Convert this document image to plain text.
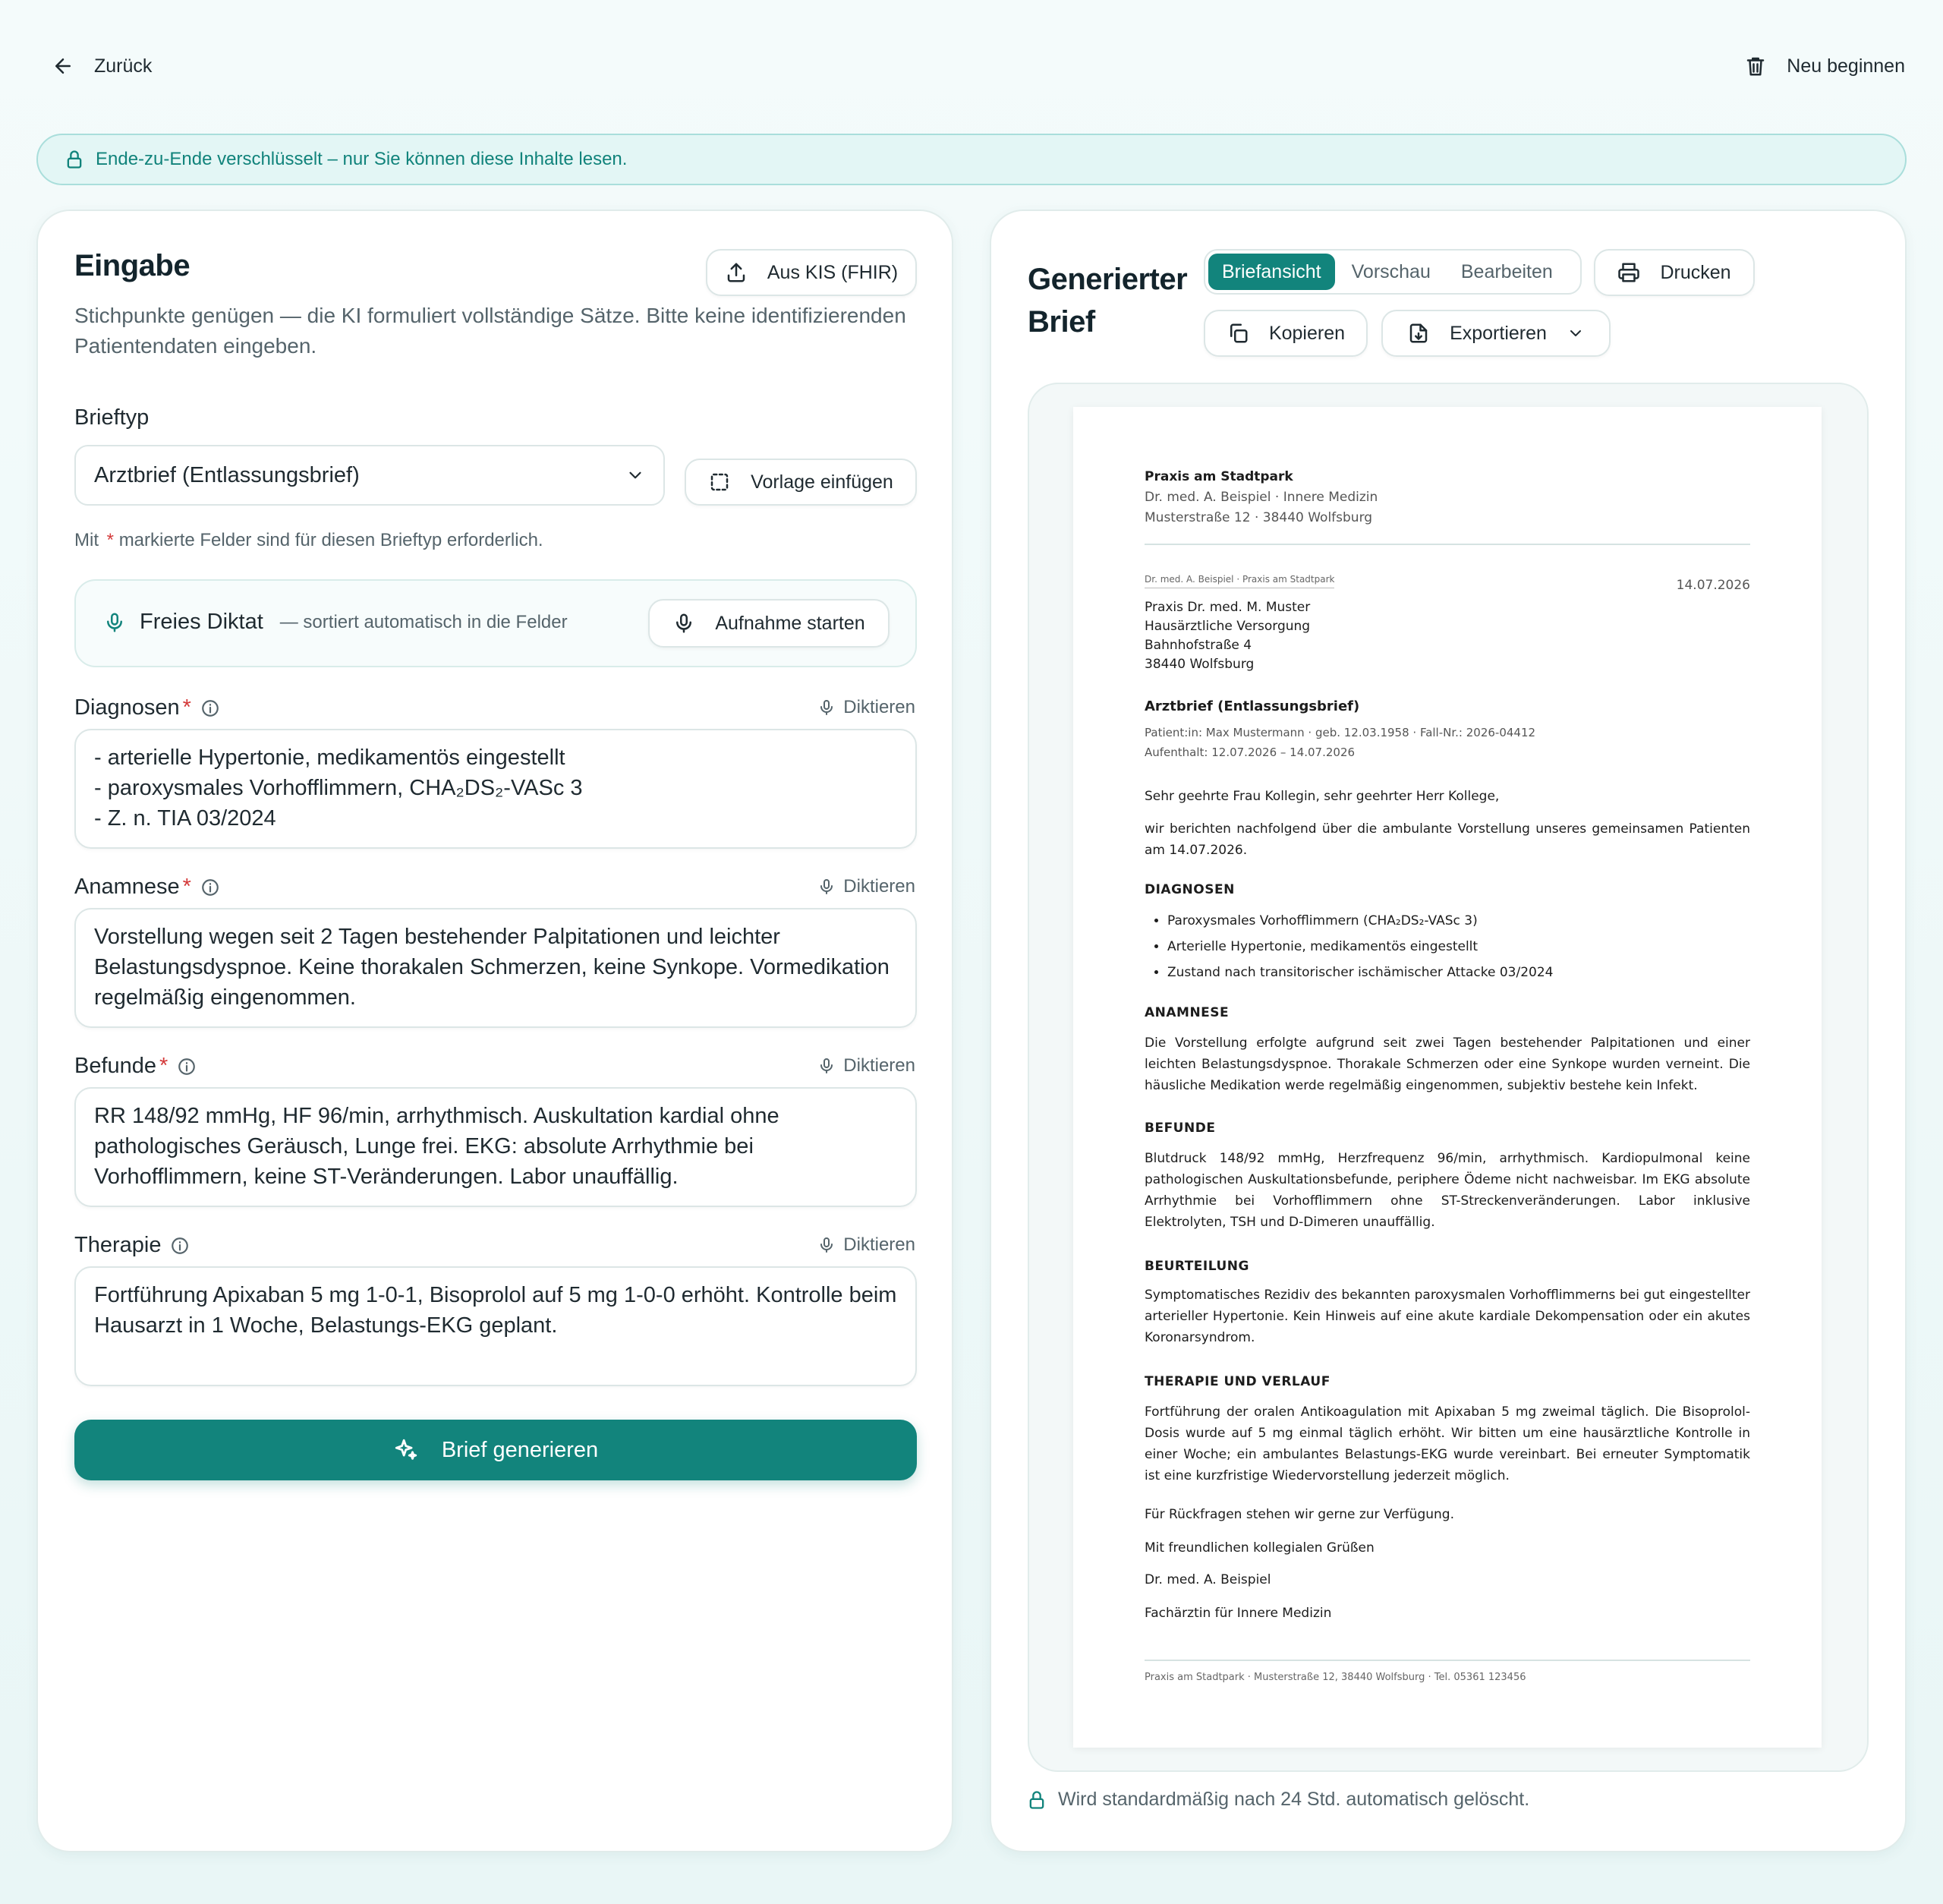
Zurück	Neu beginnen
Ende-zu-Ende verschlüsselt – nur Sie können diese Inhalte lesen.
Eingabe	Aus KIS (FHIR)
Stichpunkte genügen — die KI formuliert vollständige Sätze. Bitte keine identifizierenden Patientendaten eingeben.
Brieftyp
Arztbrief (Entlassungsbrief)	Vorlage einfügen
Mit * markierte Felder sind für diesen Brieftyp erforderlich.
Freies Diktat — sortiert automatisch in die Felder	Aufnahme starten
Diagnosen *	Diktieren
- arterielle Hypertonie, medikamentös eingestellt
- paroxysmales Vorhofflimmern, CHA₂DS₂-VASc 3
- Z. n. TIA 03/2024
Anamnese *	Diktieren
Vorstellung wegen seit 2 Tagen bestehender Palpitationen und leichter Belastungsdyspnoe. Keine thorakalen Schmerzen, keine Synkope. Vormedikation regelmäßig eingenommen.
Befunde *	Diktieren
RR 148/92 mmHg, HF 96/min, arrhythmisch. Auskultation kardial ohne pathologisches Geräusch, Lunge frei. EKG: absolute Arrhythmie bei Vorhofflimmern, keine ST-Veränderungen. Labor unauffällig.
Therapie	Diktieren
Fortführung Apixaban 5 mg 1-0-1, Bisoprolol auf 5 mg 1-0-0 erhöht. Kontrolle beim Hausarzt in 1 Woche, Belastungs-EKG geplant.
Brief generieren
Generierter
Brief
Briefansicht	Vorschau	Bearbeiten	Drucken
Kopieren	Exportieren
Praxis am Stadtpark
Dr. med. A. Beispiel · Innere Medizin
Musterstraße 12 · 38440 Wolfsburg
Dr. med. A. Beispiel · Praxis am Stadtpark	14.07.2026
Praxis Dr. med. M. Muster
Hausärztliche Versorgung
Bahnhofstraße 4
38440 Wolfsburg
Arztbrief (Entlassungsbrief)
Patient:in: Max Mustermann · geb. 12.03.1958 · Fall-Nr.: 2026-04412
Aufenthalt: 12.07.2026 – 14.07.2026
Sehr geehrte Frau Kollegin, sehr geehrter Herr Kollege,
wir berichten nachfolgend über die ambulante Vorstellung unseres gemeinsamen Patienten am 14.07.2026.
DIAGNOSEN
• Paroxysmales Vorhofflimmern (CHA₂DS₂-VASc 3)
• Arterielle Hypertonie, medikamentös eingestellt
• Zustand nach transitorischer ischämischer Attacke 03/2024
ANAMNESE
Die Vorstellung erfolgte aufgrund seit zwei Tagen bestehender Palpitationen und einer leichten Belastungsdyspnoe. Thorakale Schmerzen oder eine Synkope wurden verneint. Die häusliche Medikation werde regelmäßig eingenommen, subjektiv bestehe kein Infekt.
BEFUNDE
Blutdruck 148/92 mmHg, Herzfrequenz 96/min, arrhythmisch. Kardiopulmonal keine pathologischen Auskultationsbefunde, periphere Ödeme nicht nachweisbar. Im EKG absolute Arrhythmie bei Vorhofflimmern ohne ST-Streckenveränderungen. Labor inklusive Elektrolyten, TSH und D-Dimeren unauffällig.
BEURTEILUNG
Symptomatisches Rezidiv des bekannten paroxysmalen Vorhofflimmerns bei gut eingestellter arterieller Hypertonie. Kein Hinweis auf eine akute kardiale Dekompensation oder ein akutes Koronarsyndrom.
THERAPIE UND VERLAUF
Fortführung der oralen Antikoagulation mit Apixaban 5 mg zweimal täglich. Die Bisoprolol-Dosis wurde auf 5 mg einmal täglich erhöht. Wir bitten um eine hausärztliche Kontrolle in einer Woche; ein ambulantes Belastungs-EKG wurde vereinbart. Bei erneuter Symptomatik ist eine kurzfristige Wiedervorstellung jederzeit möglich.
Für Rückfragen stehen wir gerne zur Verfügung.
Mit freundlichen kollegialen Grüßen
Dr. med. A. Beispiel
Fachärztin für Innere Medizin
Praxis am Stadtpark · Musterstraße 12, 38440 Wolfsburg · Tel. 05361 123456
Wird standardmäßig nach 24 Std. automatisch gelöscht.
